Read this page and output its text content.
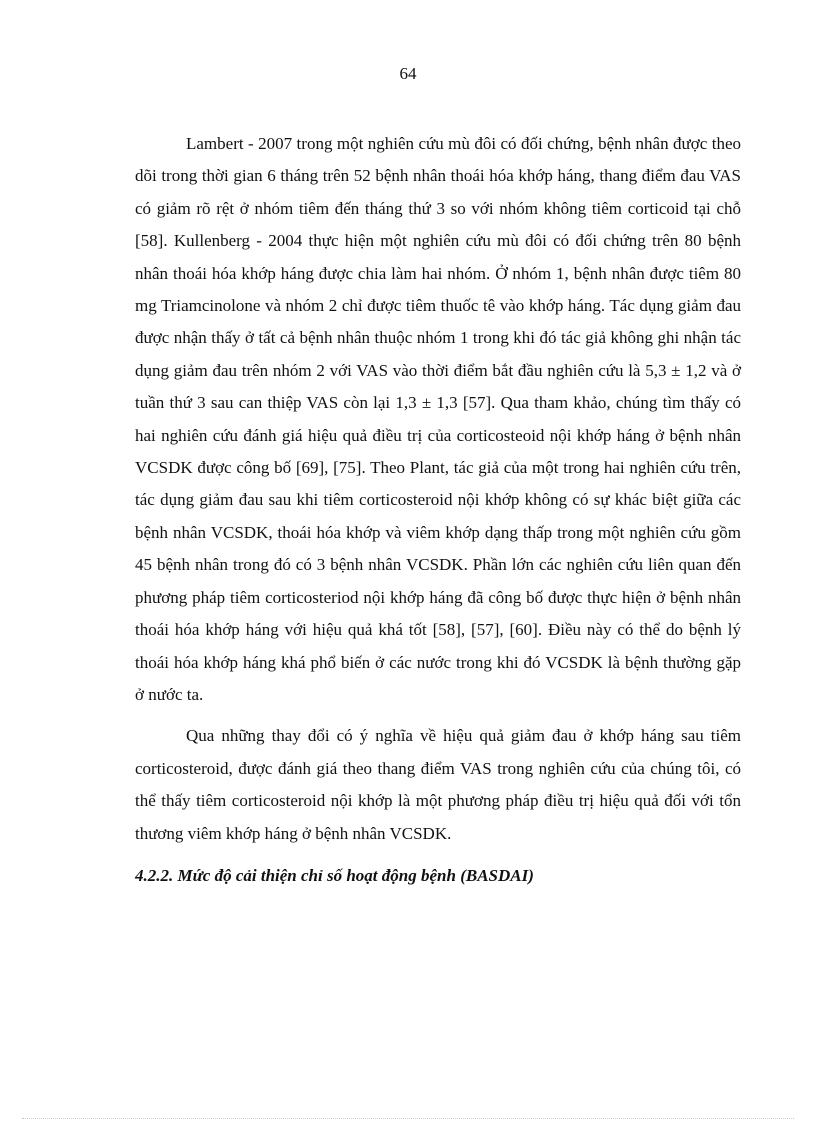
64

Lambert - 2007 trong một nghiên cứu mù đôi có đối chứng, bệnh nhân được theo dõi trong thời gian 6 tháng trên 52 bệnh nhân thoái hóa khớp háng, thang điểm đau VAS có giảm rõ rệt ở nhóm tiêm đến tháng thứ 3 so với nhóm không tiêm corticoid tại chỗ [58]. Kullenberg - 2004 thực hiện một nghiên cứu mù đôi có đối chứng trên 80 bệnh nhân thoái hóa khớp háng được chia làm hai nhóm. Ở nhóm 1, bệnh nhân được tiêm 80 mg Triamcinolone và nhóm 2 chỉ được tiêm thuốc tê vào khớp háng. Tác dụng giảm đau được nhận thấy ở tất cả bệnh nhân thuộc nhóm 1 trong khi đó tác giả không ghi nhận tác dụng giảm đau trên nhóm 2 với VAS vào thời điểm bắt đầu nghiên cứu là 5,3 ± 1,2 và ở tuần thứ 3 sau can thiệp VAS còn lại 1,3 ± 1,3 [57]. Qua tham khảo, chúng tìm thấy có hai nghiên cứu đánh giá hiệu quả điều trị của corticosteoid nội khớp háng ở bệnh nhân VCSDK được công bố [69], [75]. Theo Plant, tác giả của một trong hai nghiên cứu trên, tác dụng giảm đau sau khi tiêm corticosteroid nội khớp không có sự khác biệt giữa các bệnh nhân VCSDK, thoái hóa khớp và viêm khớp dạng thấp trong một nghiên cứu gồm 45 bệnh nhân trong đó có 3 bệnh nhân VCSDK. Phần lớn các nghiên cứu liên quan đến phương pháp tiêm corticosteriod nội khớp háng đã công bố được thực hiện ở bệnh nhân thoái hóa khớp háng với hiệu quả khá tốt [58], [57], [60]. Điều này có thể do bệnh lý thoái hóa khớp háng khá phổ biến ở các nước trong khi đó VCSDK là bệnh thường gặp ở nước ta.

Qua những thay đổi có ý nghĩa về hiệu quả giảm đau ở khớp háng sau tiêm corticosteroid, được đánh giá theo thang điểm VAS trong nghiên cứu của chúng tôi, có thể thấy tiêm corticosteroid nội khớp là một phương pháp điều trị hiệu quả đối với tổn thương viêm khớp háng ở bệnh nhân VCSDK.

4.2.2. Mức độ cải thiện chỉ số hoạt động bệnh (BASDAI)
